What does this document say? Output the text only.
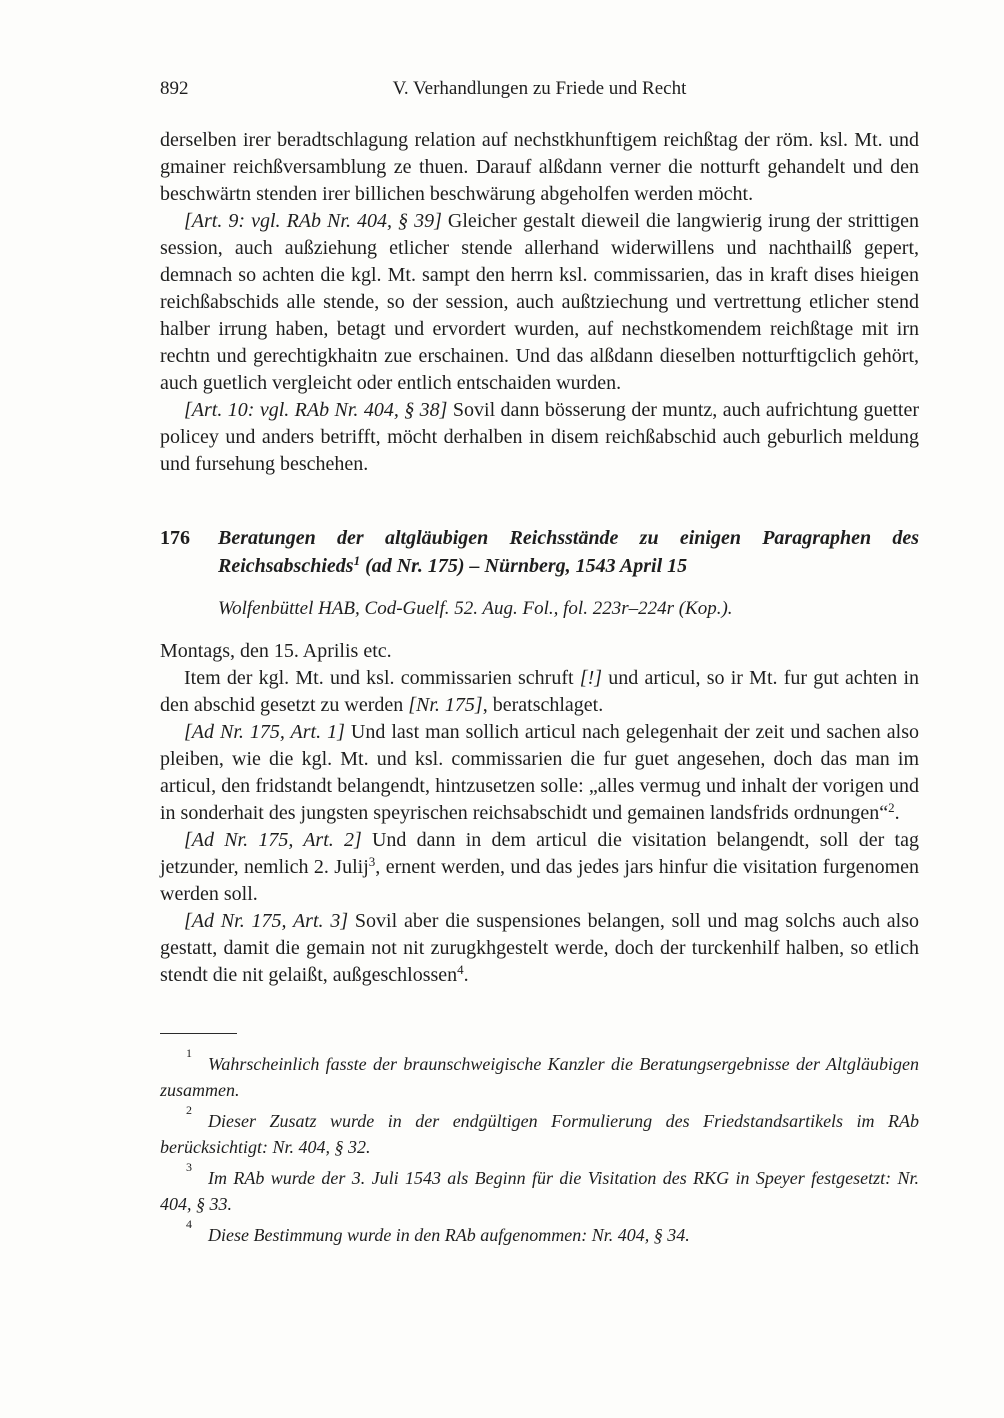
892	V. Verhandlungen zu Friede und Recht

derselben irer beradtschlagung relation auf nechstkhunftigem reichßtag der röm. ksl. Mt. und gmainer reichßversamblung ze thuen. Darauf alßdann verner die notturft gehandelt und den beschwärtn stenden irer billichen beschwärung abgeholfen werden möcht.

[Art. 9: vgl. RAb Nr. 404, § 39] Gleicher gestalt dieweil die langwierig irung der strittigen session, auch außziehung etlicher stende allerhand widerwillens und nachthailß gepert, demnach so achten die kgl. Mt. sampt den herrn ksl. commissarien, das in kraft dises hieigen reichßabschids alle stende, so der session, auch außtziechung und vertrettung etlicher stend halber irrung haben, betagt und ervordert wurden, auf nechstkomendem reichßtage mit irn rechtn und gerechtigkhaitn zue erschainen. Und das alßdann dieselben notturftigclich gehört, auch guetlich vergleicht oder entlich entschaiden wurden.

[Art. 10: vgl. RAb Nr. 404, § 38] Sovil dann bösserung der muntz, auch aufrichtung guetter policey und anders betrifft, möcht derhalben in disem reichßabschid auch geburlich meldung und fursehung beschehen.

176	Beratungen der altgläubigen Reichsstände zu einigen Paragraphen des Reichsabschieds$^1$ (ad Nr. 175) – Nürnberg, 1543 April 15

Wolfenbüttel HAB, Cod-Guelf. 52. Aug. Fol., fol. 223r–224r (Kop.).

Montags, den 15. Aprilis etc.

Item der kgl. Mt. und ksl. commissarien schruft [!] und articul, so ir Mt. fur gut achten in den abschid gesetzt zu werden [Nr. 175], beratschlaget.

[Ad Nr. 175, Art. 1] Und last man sollich articul nach gelegenhait der zeit und sachen also pleiben, wie die kgl. Mt. und ksl. commissarien die fur guet angesehen, doch das man im articul, den fridstandt belangendt, hintzusetzen solle: „alles vermug und inhalt der vorigen und in sonderhait des jungsten speyrischen reichsabschidt und gemainen landsfrids ordnungen“$^2$.

[Ad Nr. 175, Art. 2] Und dann in dem articul die visitation belangendt, soll der tag jetzunder, nemlich 2. Julij$^3$, ernent werden, und das jedes jars hinfur die visitation furgenomen werden soll.

[Ad Nr. 175, Art. 3] Sovil aber die suspensiones belangen, soll und mag solchs auch also gestatt, damit die gemain not nit zurugkhgestelt werde, doch der turckenhilf halben, so etlich stendt die nit gelaißt, außgeschlossen$^4$.

$^1$Wahrscheinlich fasste der braunschweigische Kanzler die Beratungsergebnisse der Altgläubigen zusammen.

$^2$Dieser Zusatz wurde in der endgültigen Formulierung des Friedstandsartikels im RAb berücksichtigt: Nr. 404, § 32.

$^3$Im RAb wurde der 3. Juli 1543 als Beginn für die Visitation des RKG in Speyer festgesetzt: Nr. 404, § 33.

$^4$Diese Bestimmung wurde in den RAb aufgenommen: Nr. 404, § 34.
